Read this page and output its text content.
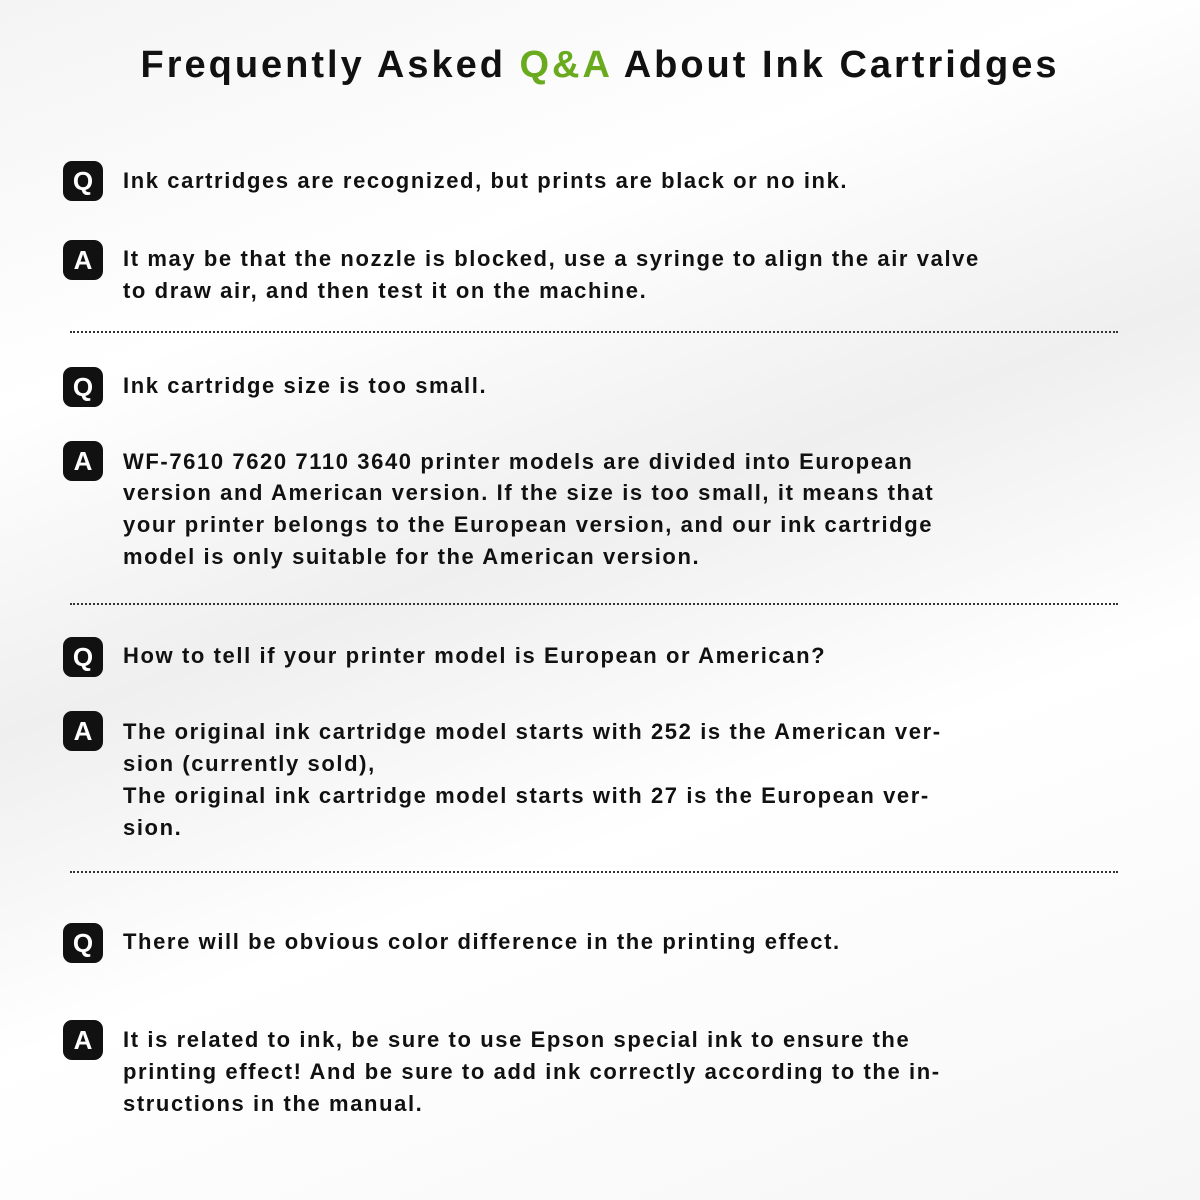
Frequently Asked Q&A About Ink Cartridges
Q	Ink cartridges are recognized, but prints are black or no ink.
A	It may be that the nozzle is blocked, use a syringe to align the air valve
to draw air, and then test it on the machine.
Q	Ink cartridge size is too small.
A	WF-7610 7620 7110 3640 printer models are divided into European
version and American version. If the size is too small, it means that
your printer belongs to the European version, and our ink cartridge
model is only suitable for the American version.
Q	How to tell if your printer model is European or American?
A	The original ink cartridge model starts with 252 is the American ver-
sion (currently sold),
The original ink cartridge model starts with 27 is the European ver-
sion.
Q	There will be obvious color difference in the printing effect.
A	It is related to ink, be sure to use Epson special ink to ensure the
printing effect! And be sure to add ink correctly according to the in-
structions in the manual.
